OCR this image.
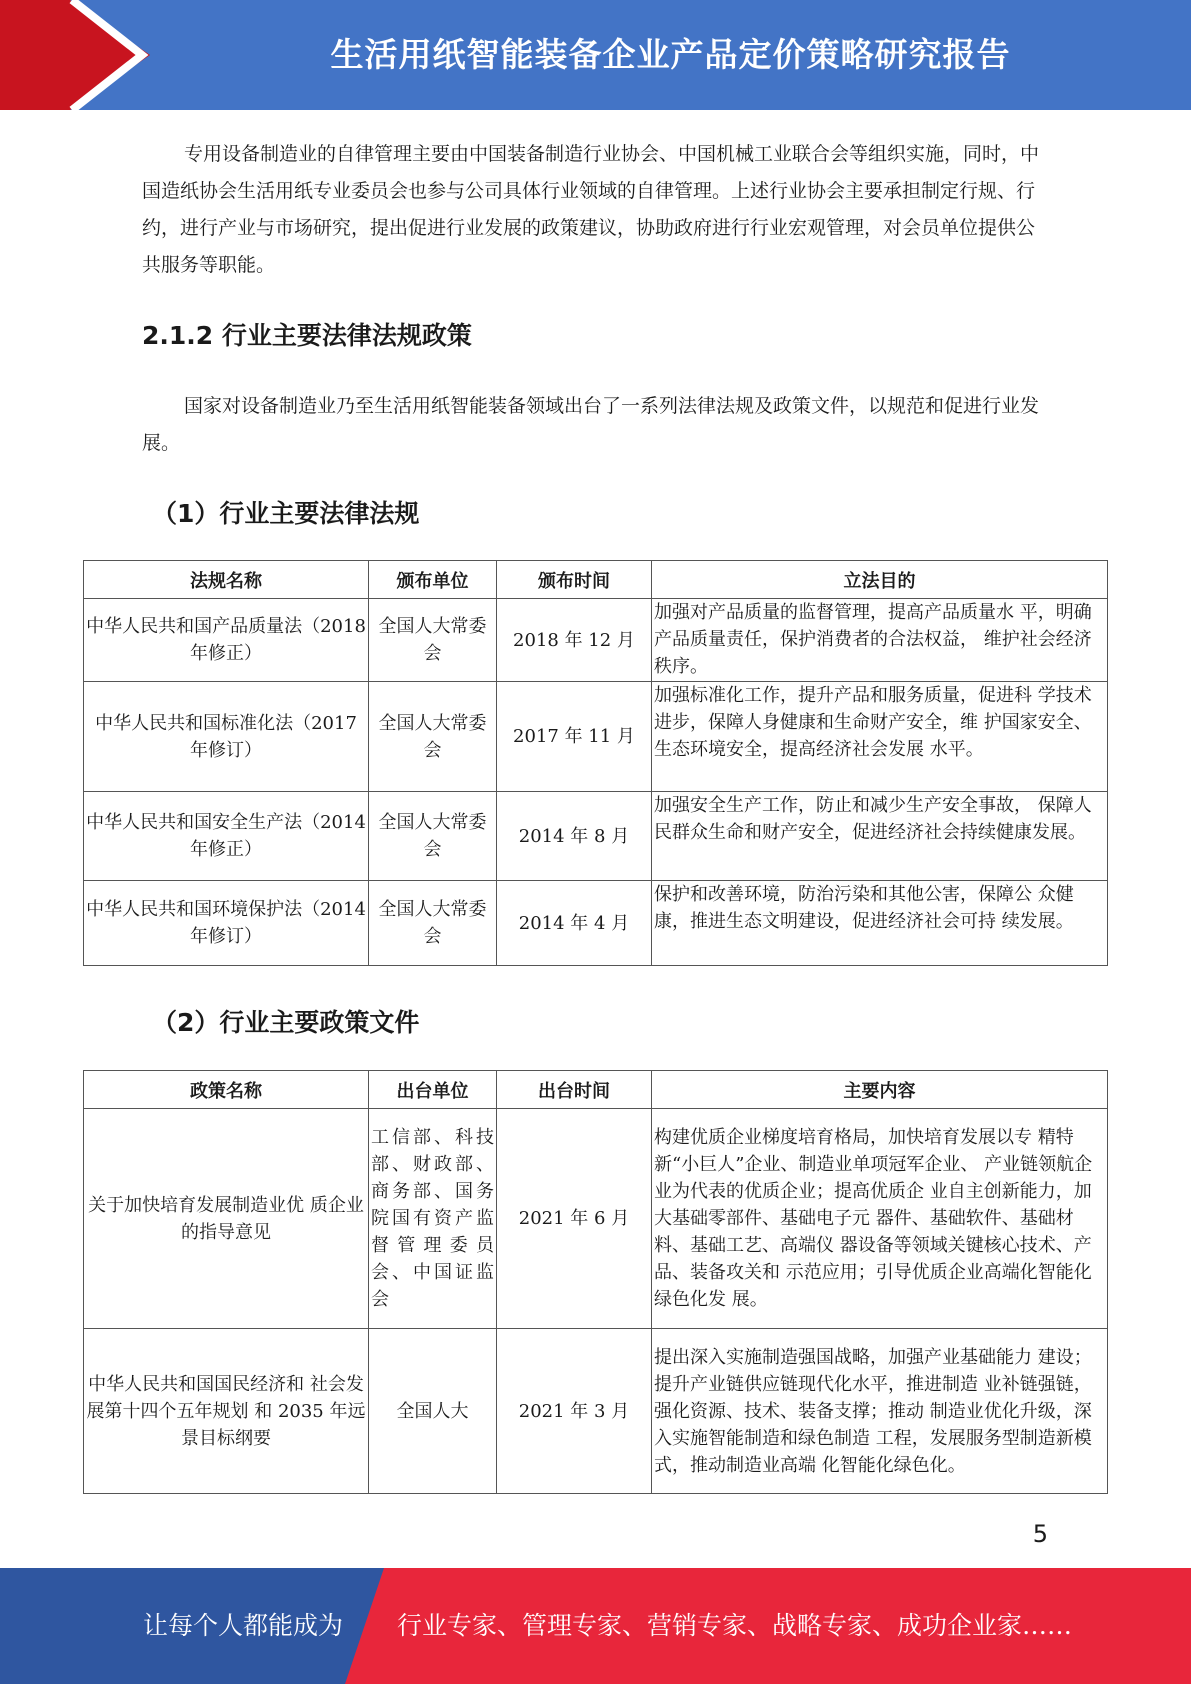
生活用纸智能装备企业产品定价策略研究报告

专用设备制造业的自律管理主要由中国装备制造行业协会、中国机械工业联合会等组织实施，同时，中国造纸协会生活用纸专业委员会也参与公司具体行业领域的自律管理。上述行业协会主要承担制定行规、行约，进行产业与市场研究，提出促进行业发展的政策建议，协助政府进行行业宏观管理，对会员单位提供公共服务等职能。

2.1.2 行业主要法律法规政策

国家对设备制造业乃至生活用纸智能装备领域出台了一系列法律法规及政策文件，以规范和促进行业发展。

（1）行业主要法律法规
法规名称	颁布单位	颁布时间	立法目的
中华人民共和国产品质量法（2018 年修正）	全国人大常委会	2018 年 12 月	加强对产品质量的监督管理，提高产品质量水 平，明确产品质量责任，保护消费者的合法权益， 维护社会经济秩序。
中华人民共和国标准化法（2017 年修订）	全国人大常委会	2017 年 11 月	加强标准化工作，提升产品和服务质量，促进科 学技术进步，保障人身健康和生命财产安全，维 护国家安全、生态环境安全，提高经济社会发展 水平。
中华人民共和国安全生产法（2014 年修正）	全国人大常委会	2014 年 8 月	加强安全生产工作，防止和减少生产安全事故， 保障人民群众生命和财产安全，促进经济社会持续健康发展。
中华人民共和国环境保护法（2014 年修订）	全国人大常委会	2014 年 4 月	保护和改善环境，防治污染和其他公害，保障公 众健康，推进生态文明建设，促进经济社会可持 续发展。
（2）行业主要政策文件
政策名称	出台单位	出台时间	主要内容
关于加快培育发展制造业优 质企业的指导意见	工信部、科技部、财政部、商务部、国务院国有资产监督管理委员会、中国证监会	2021 年 6 月	构建优质企业梯度培育格局，加快培育发展以专 精特新“小巨人”企业、制造业单项冠军企业、 产业链领航企业为代表的优质企业；提高优质企 业自主创新能力，加大基础零部件、基础电子元 器件、基础软件、基础材料、基础工艺、高端仪 器设备等领域关键核心技术、产品、装备攻关和 示范应用；引导优质企业高端化智能化绿色化发 展。
中华人民共和国国民经济和 社会发展第十四个五年规划 和 2035 年远景目标纲要	全国人大	2021 年 3 月	提出深入实施制造强国战略，加强产业基础能力 建设；提升产业链供应链现代化水平，推进制造 业补链强链，强化资源、技术、装备支撑；推动 制造业优化升级，深入实施智能制造和绿色制造 工程，发展服务型制造新模式，推动制造业高端 化智能化绿色化。
5
让每个人都能成为 行业专家、管理专家、营销专家、战略专家、成功企业家……
